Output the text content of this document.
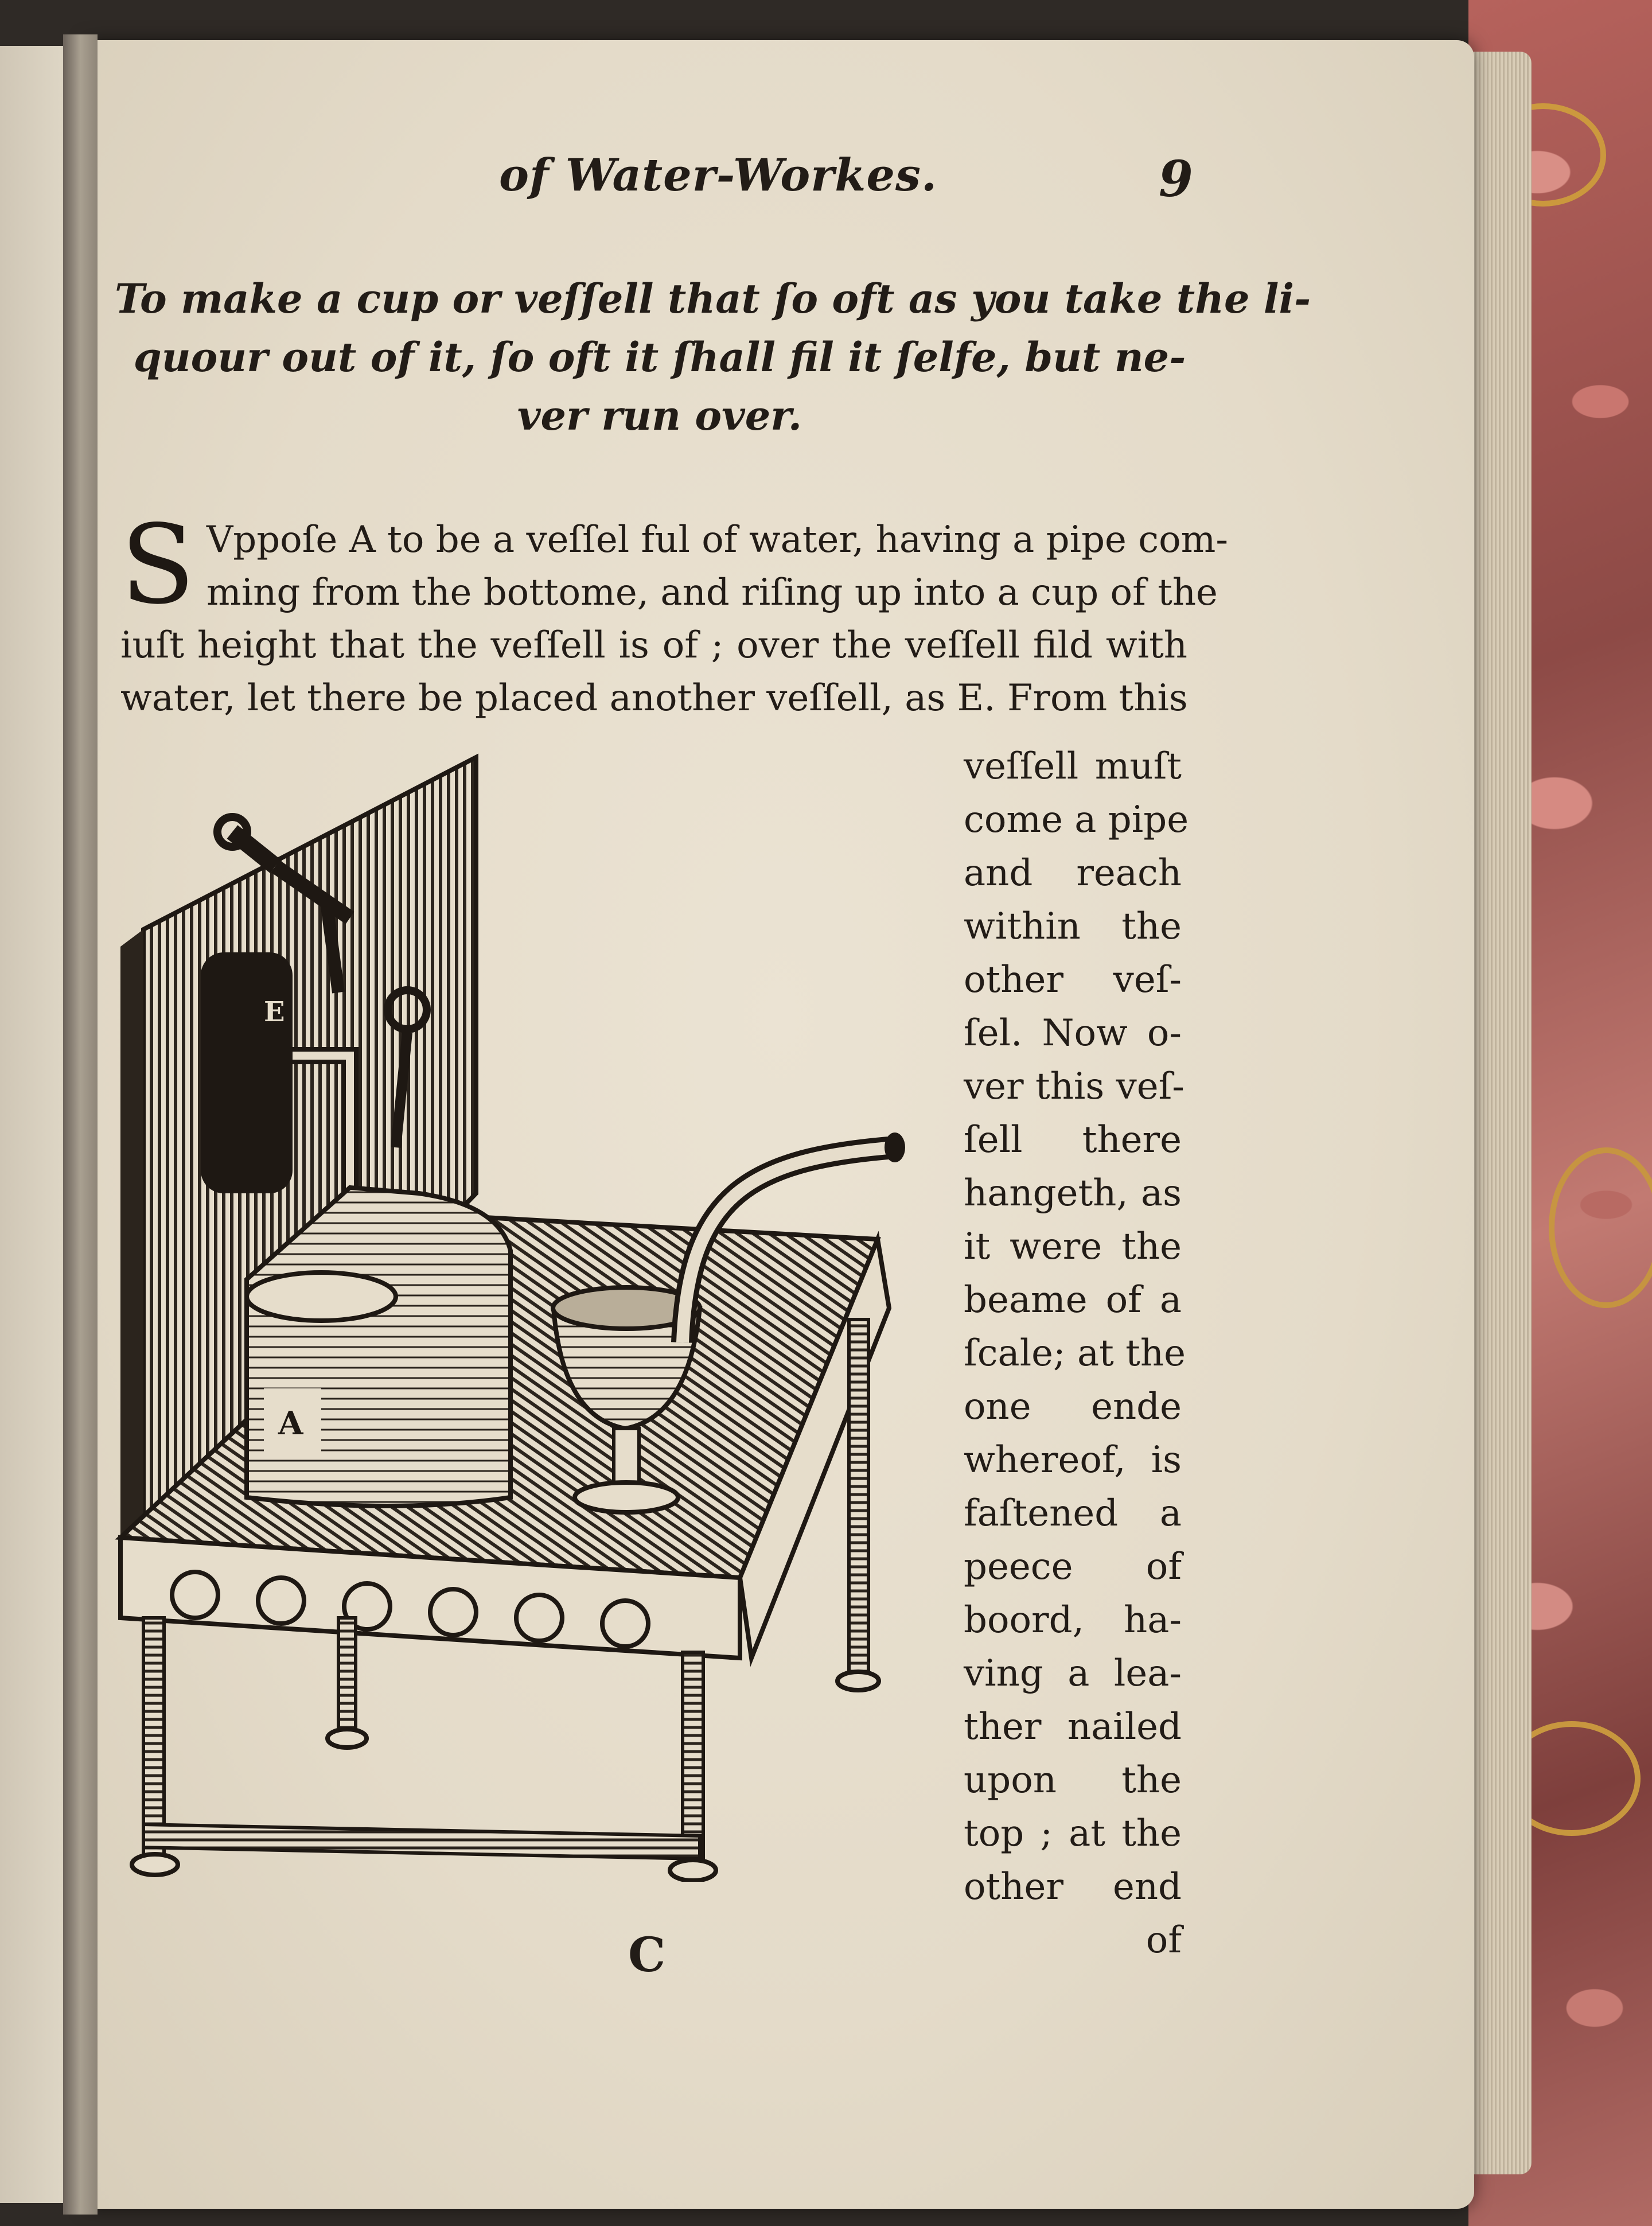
of Water-Workes.	9
To make a cup or veſſell that ſo oft as you take the li-
quour out of it, ſo oft it ſhall fil it ſelfe, but ne-
ver run over.
S Vppoſe A to be a veſſel ful of water, having a pipe com-
ming from the bottome, and riſing up into a cup of the
iuſt height that the veſſell is of ; over the veſſell fild with
water, let there be placed another veſſell, as E. From this
veſſell muſt
come a pipe
and reach
within the
other veſ-
ſel. Now o-
ver this veſ-
ſell there
hangeth, as
it were the
beame of a
ſcale; at the
one ende
whereof, is
faſtened a
peece of
boord, ha-
ving a lea-
ther nailed
upon the
top ; at the
other end
of
E
A
C
